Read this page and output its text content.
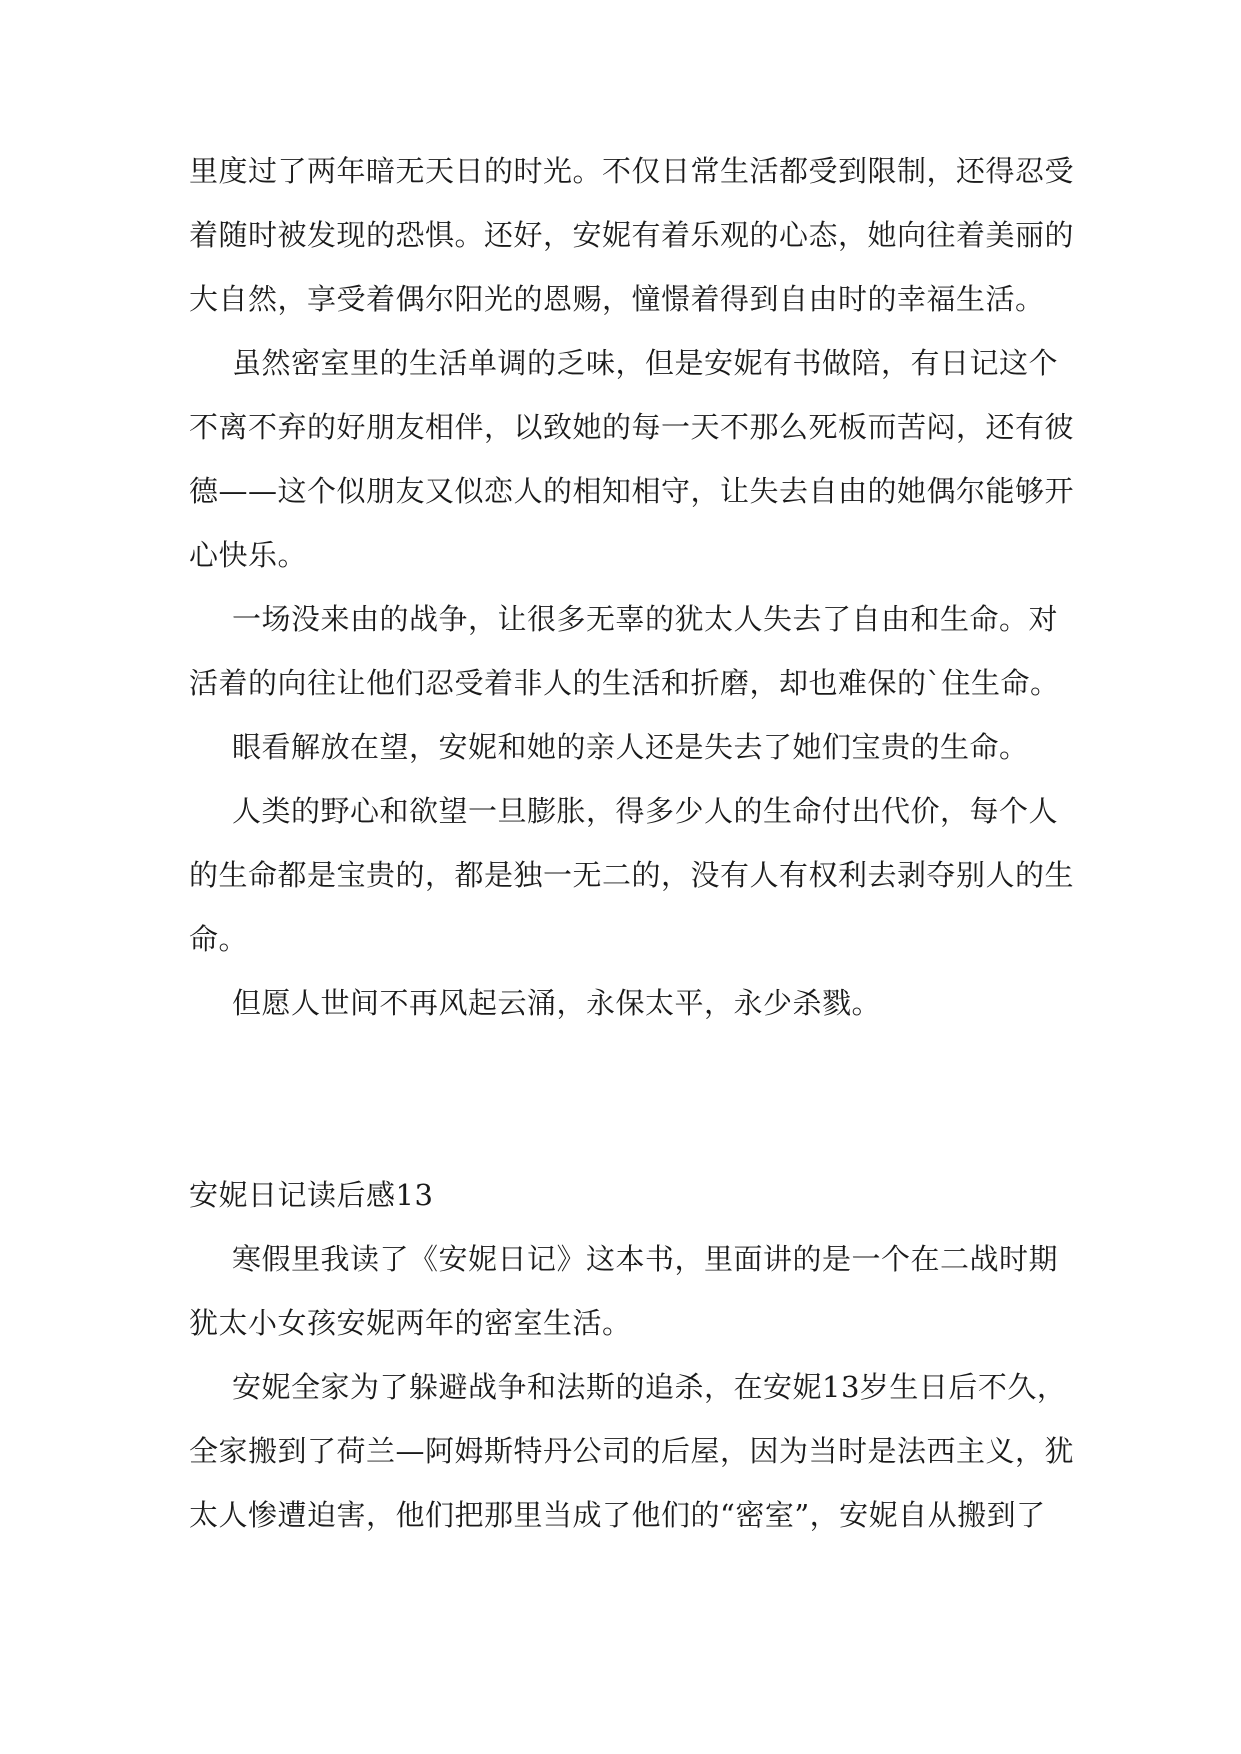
里度过了两年暗无天日的时光。不仅日常生活都受到限制，还得忍受
着随时被发现的恐惧。还好，安妮有着乐观的心态，她向往着美丽的
大自然，享受着偶尔阳光的恩赐，憧憬着得到自由时的幸福生活。
虽然密室里的生活单调的乏味，但是安妮有书做陪，有日记这个
不离不弃的好朋友相伴，以致她的每一天不那么死板而苦闷，还有彼
德——这个似朋友又似恋人的相知相守，让失去自由的她偶尔能够开
心快乐。
一场没来由的战争，让很多无辜的犹太人失去了自由和生命。对
活着的向往让他们忍受着非人的生活和折磨，却也难保的`住生命。
眼看解放在望，安妮和她的亲人还是失去了她们宝贵的生命。
人类的野心和欲望一旦膨胀，得多少人的生命付出代价，每个人
的生命都是宝贵的，都是独一无二的，没有人有权利去剥夺别人的生
命。
但愿人世间不再风起云涌，永保太平，永少杀戮。
安妮日记读后感13
寒假里我读了《安妮日记》这本书，里面讲的是一个在二战时期
犹太小女孩安妮两年的密室生活。
安妮全家为了躲避战争和法斯的追杀，在安妮13岁生日后不久，
全家搬到了荷兰—阿姆斯特丹公司的后屋，因为当时是法西主义，犹
太人惨遭迫害，他们把那里当成了他们的“密室”，安妮自从搬到了
